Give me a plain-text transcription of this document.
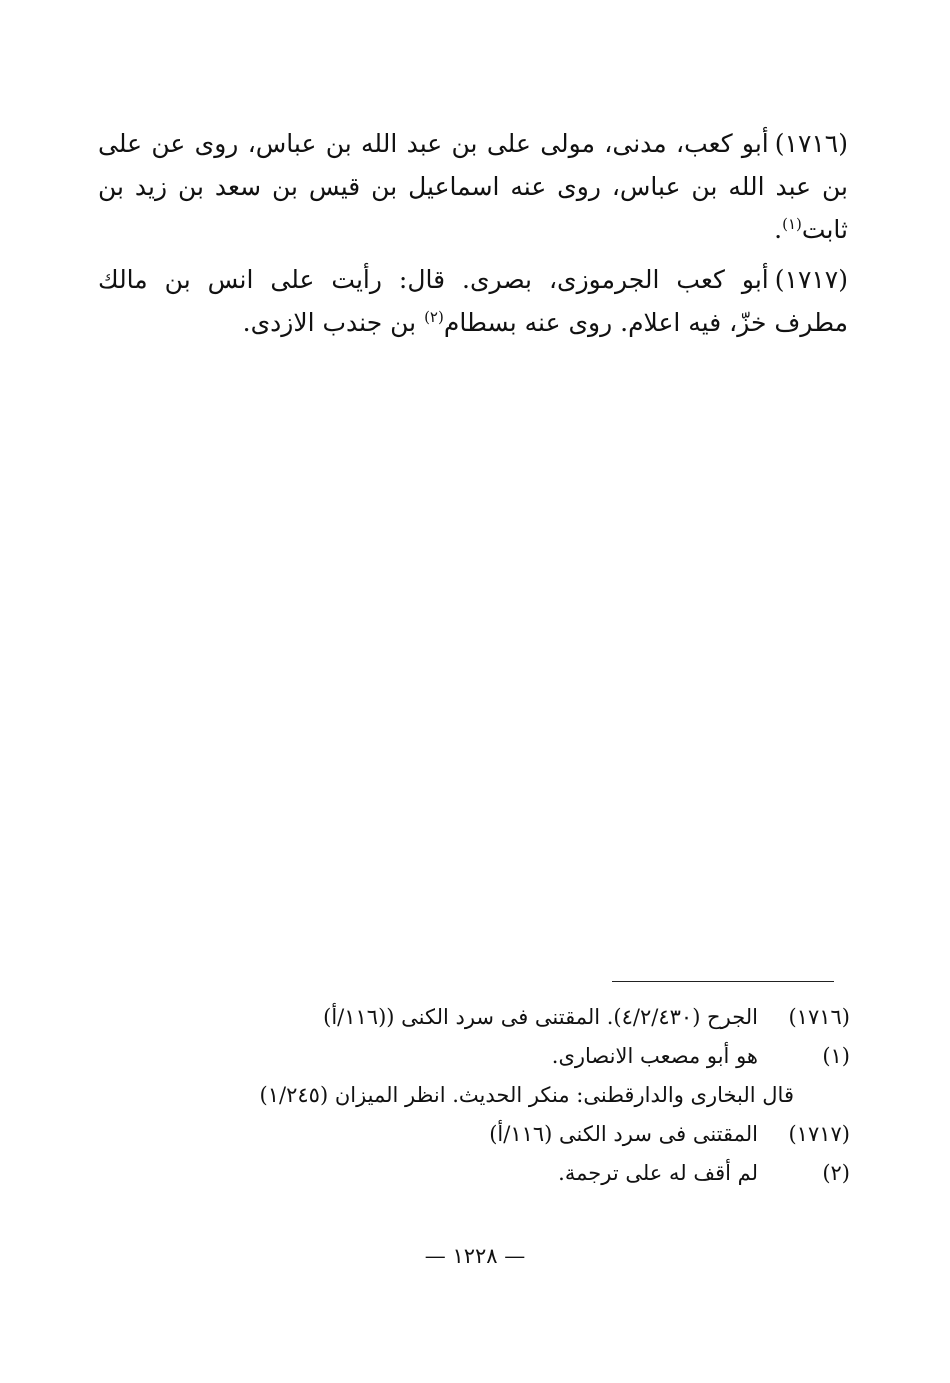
(١٧١٦)أبو كعب، مدنى، مولى على بن عبد الله بن عباس، روى عن على بن عبد الله بن عباس، روى عنه اسماعيل بن قيس بن سعد بن زيد بن ثابت$^{(١)}$.

(١٧١٧)أبو كعب الجرموزى، بصرى. قال: رأيت على انس بن مالك مطرف خزّ، فيه اعلام. روى عنه بسطام$^{(٢)}$ بن جندب الازدى.

(١٧١٦)
الجرح (٤/٢/٤٣٠). المقتنى فى سرد الكنى ((١١٦/أ)
(١)
هو أبو مصعب الانصارى.
قال البخارى والدارقطنى: منكر الحديث. انظر الميزان (١/٢٤٥)
(١٧١٧)
المقتنى فى سرد الكنى (١١٦/أ)
(٢)
لم أقف له على ترجمة.
— ١٢٢٨ —
